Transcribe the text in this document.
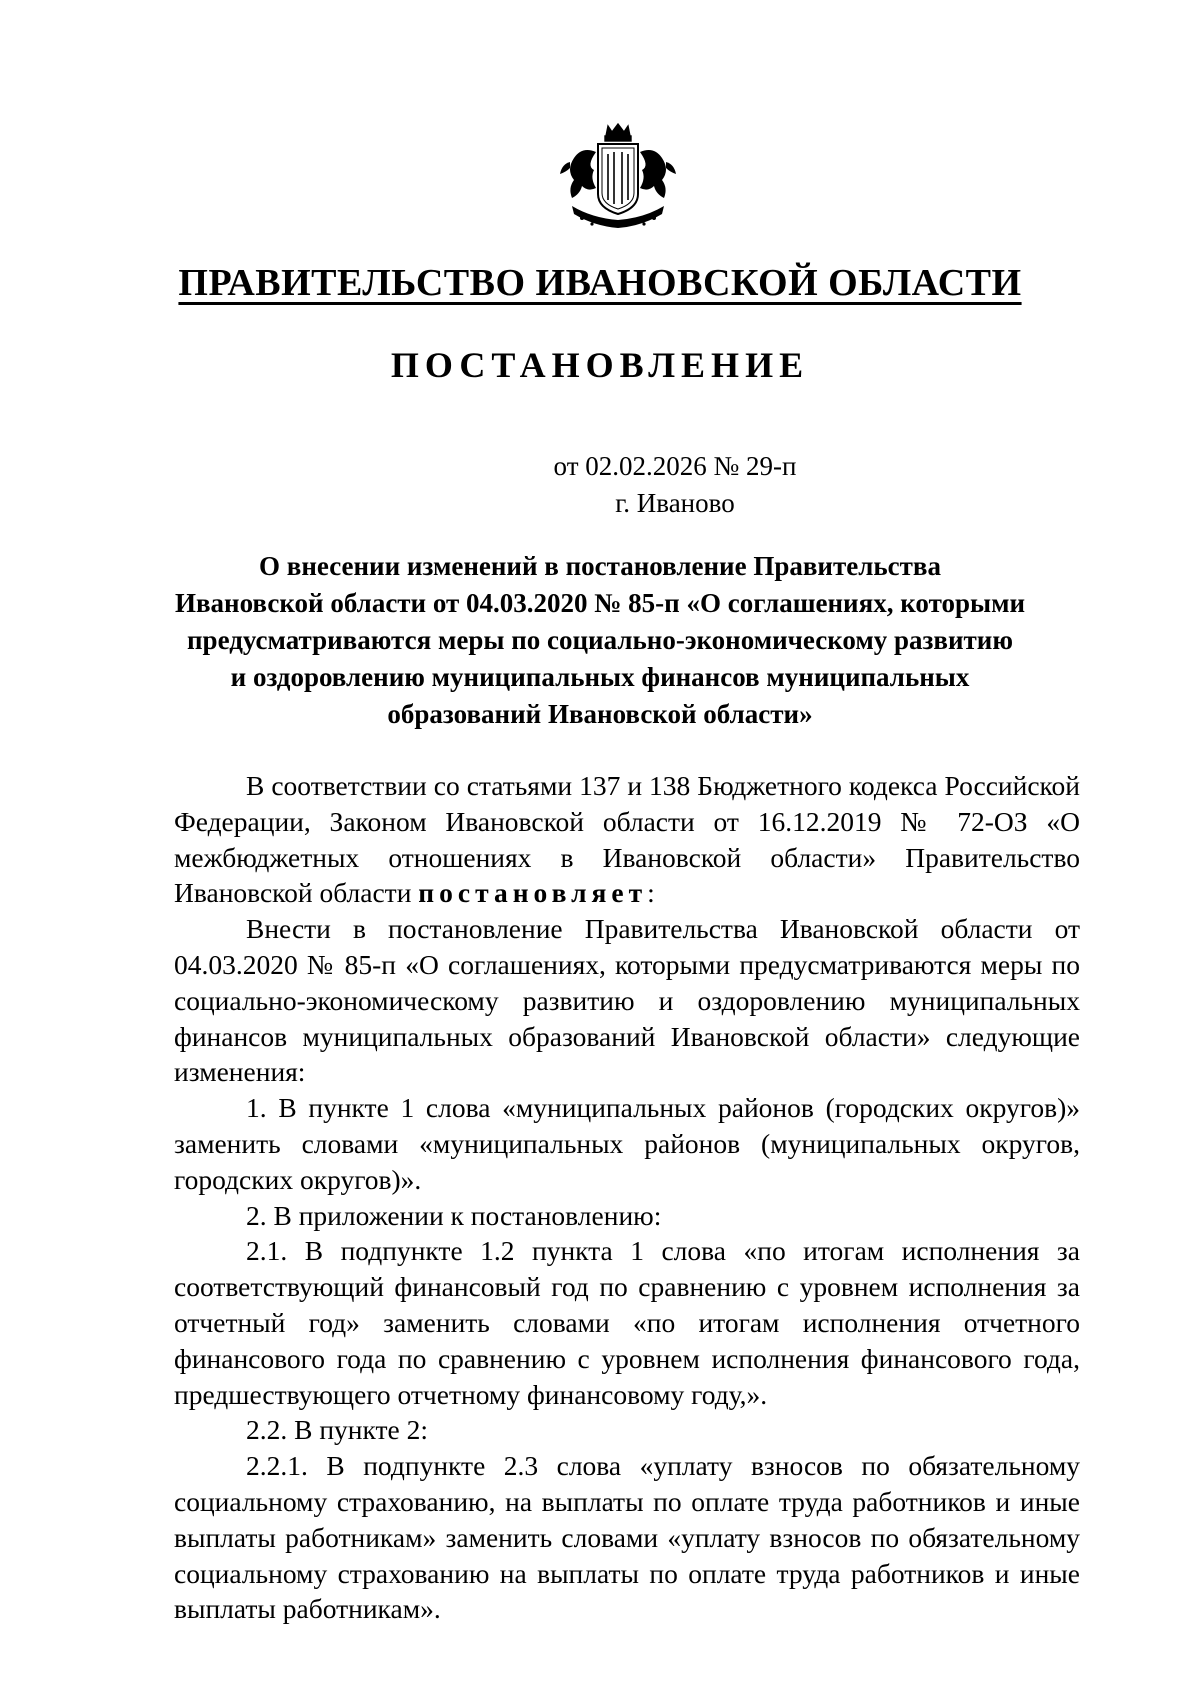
ПРАВИТЕЛЬСТВО ИВАНОВСКОЙ ОБЛАСТИ
ПОСТАНОВЛЕНИЕ
от 02.02.2026 № 29-п
г. Иваново
О внесении изменений в постановление Правительства
Ивановской области от 04.03.2020 № 85-п «О соглашениях, которыми
предусматриваются меры по социально-экономическому развитию
и оздоровлению муниципальных финансов муниципальных
образований Ивановской области»

В соответствии со статьями 137 и 138 Бюджетного кодекса Российской Федерации, Законом Ивановской области от 16.12.2019 № 72-ОЗ «О межбюджетных отношениях в Ивановской области» Правительство Ивановской области постановляет:

Внести в постановление Правительства Ивановской области от 04.03.2020 № 85-п «О соглашениях, которыми предусматриваются меры по социально-экономическому развитию и оздоровлению муниципальных финансов муниципальных образований Ивановской области» следующие изменения:

1. В пункте 1 слова «муниципальных районов (городских округов)» заменить словами «муниципальных районов (муниципальных округов, городских округов)».

2. В приложении к постановлению:

2.1. В подпункте 1.2 пункта 1 слова «по итогам исполнения за соответствующий финансовый год по сравнению с уровнем исполнения за отчетный год» заменить словами «по итогам исполнения отчетного финансового года по сравнению с уровнем исполнения финансового года, предшествующего отчетному финансовому году,».

2.2. В пункте 2:

2.2.1. В подпункте 2.3 слова «уплату взносов по обязательному социальному страхованию, на выплаты по оплате труда работников и иные выплаты работникам» заменить словами «уплату взносов по обязательному социальному страхованию на выплаты по оплате труда работников и иные выплаты работникам».
